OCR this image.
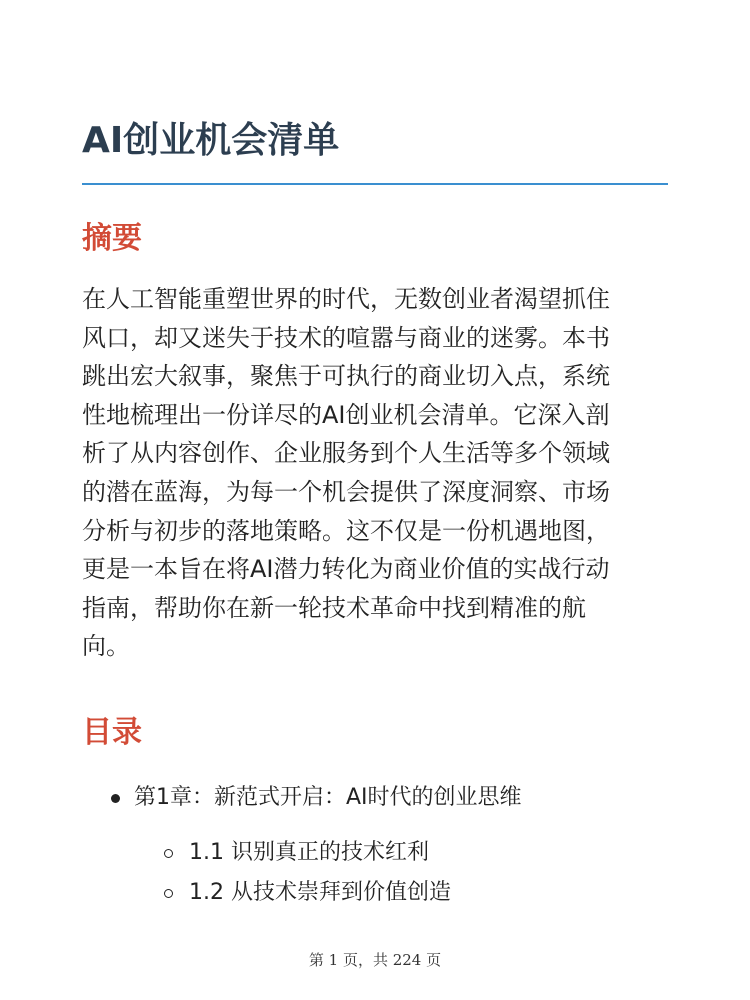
AI创业机会清单
摘要

在人工智能重塑世界的时代，无数创业者渴望抓住
风口，却又迷失于技术的喧嚣与商业的迷雾。本书
跳出宏大叙事，聚焦于可执行的商业切入点，系统
性地梳理出一份详尽的AI创业机会清单。它深入剖
析了从内容创作、企业服务到个人生活等多个领域
的潜在蓝海，为每一个机会提供了深度洞察、市场
分析与初步的落地策略。这不仅是一份机遇地图，
更是一本旨在将AI潜力转化为商业价值的实战行动
指南，帮助你在新一轮技术革命中找到精准的航
向。

目录
第1章：新范式开启：AI时代的创业思维
1.1 识别真正的技术红利
1.2 从技术崇拜到价值创造
第 1 页，共 224 页
